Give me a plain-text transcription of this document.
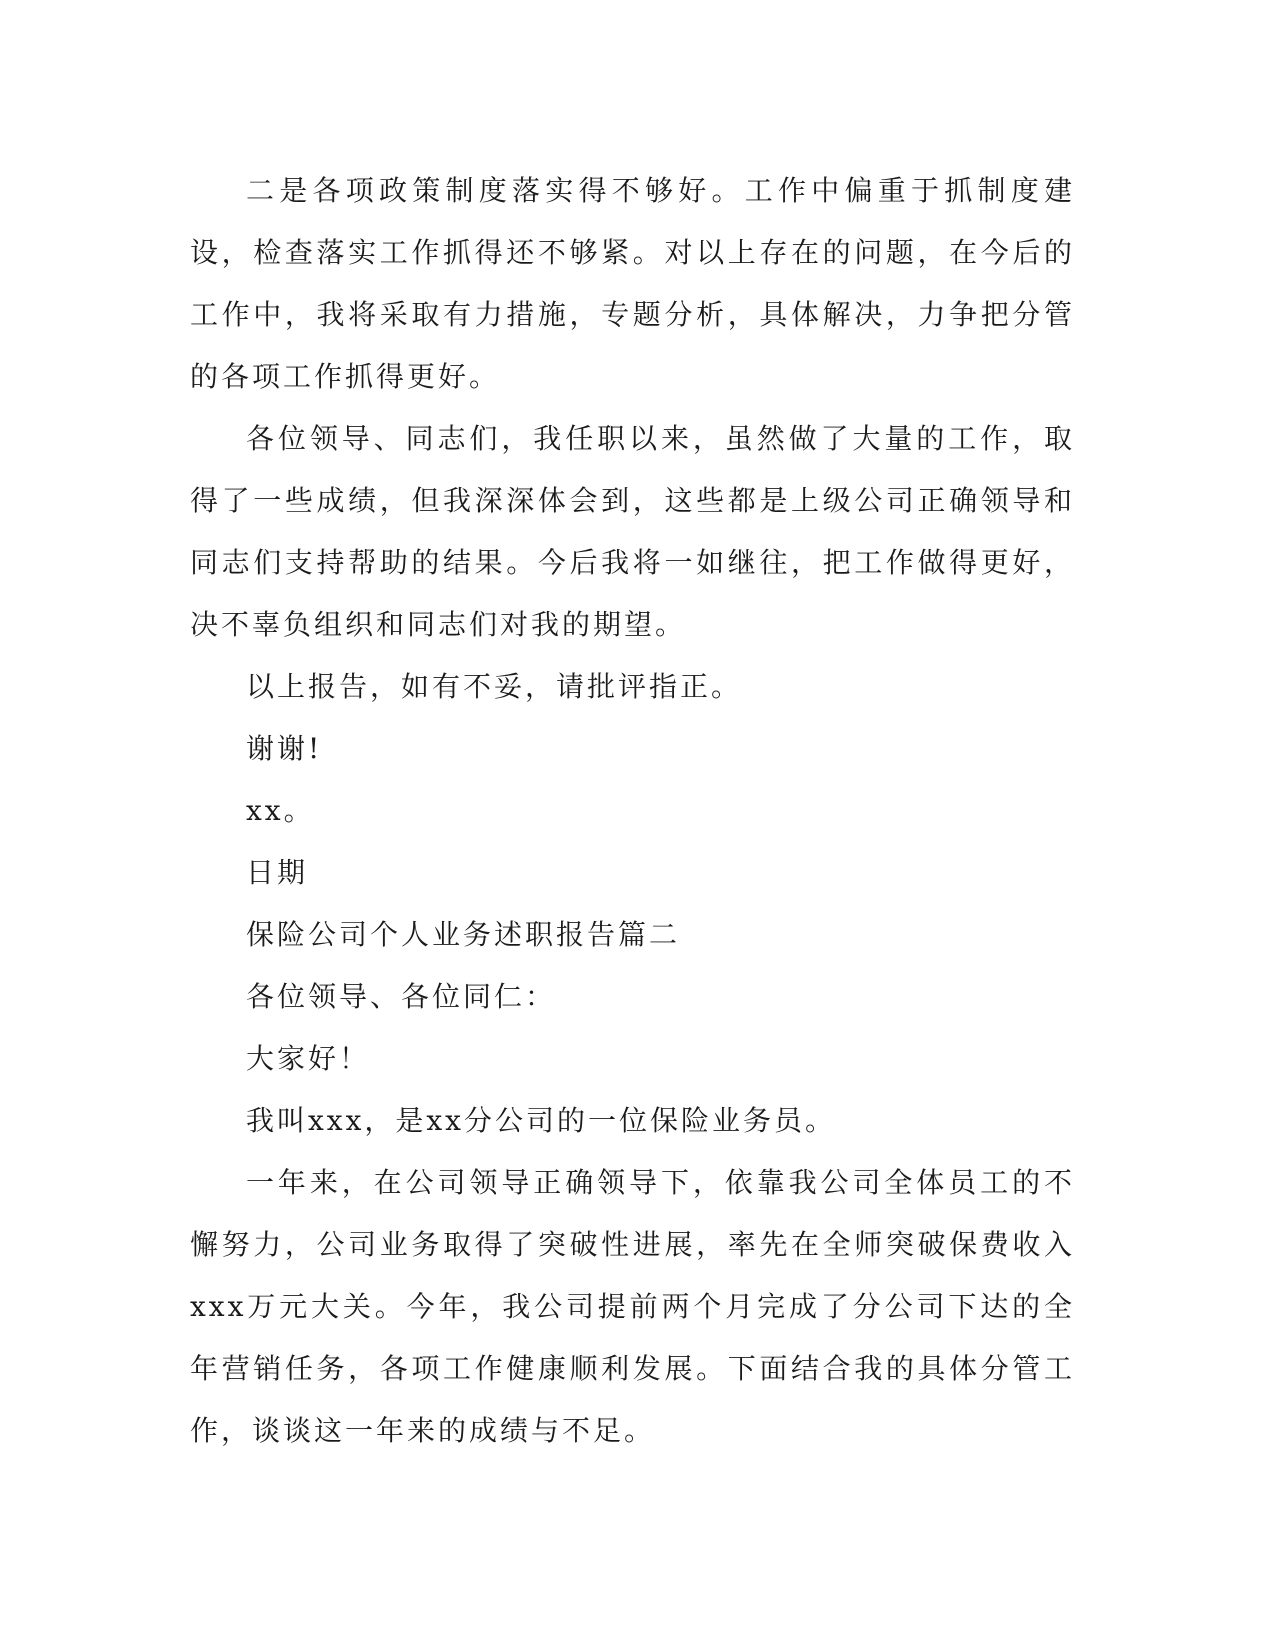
二是各项政策制度落实得不够好。工作中偏重于抓制度建设，检查落实工作抓得还不够紧。对以上存在的问题，在今后的工作中，我将采取有力措施，专题分析，具体解决，力争把分管的各项工作抓得更好。

各位领导、同志们，我任职以来，虽然做了大量的工作，取得了一些成绩，但我深深体会到，这些都是上级公司正确领导和同志们支持帮助的结果。今后我将一如继往，把工作做得更好，决不辜负组织和同志们对我的期望。

以上报告，如有不妥，请批评指正。

谢谢!

xx。

日期

保险公司个人业务述职报告篇二

各位领导、各位同仁：

大家好！

我叫xxx，是xx分公司的一位保险业务员。

一年来，在公司领导正确领导下，依靠我公司全体员工的不懈努力，公司业务取得了突破性进展，率先在全师突破保费收入xxx万元大关。今年，我公司提前两个月完成了分公司下达的全年营销任务，各项工作健康顺利发展。下面结合我的具体分管工作，谈谈这一年来的成绩与不足。
